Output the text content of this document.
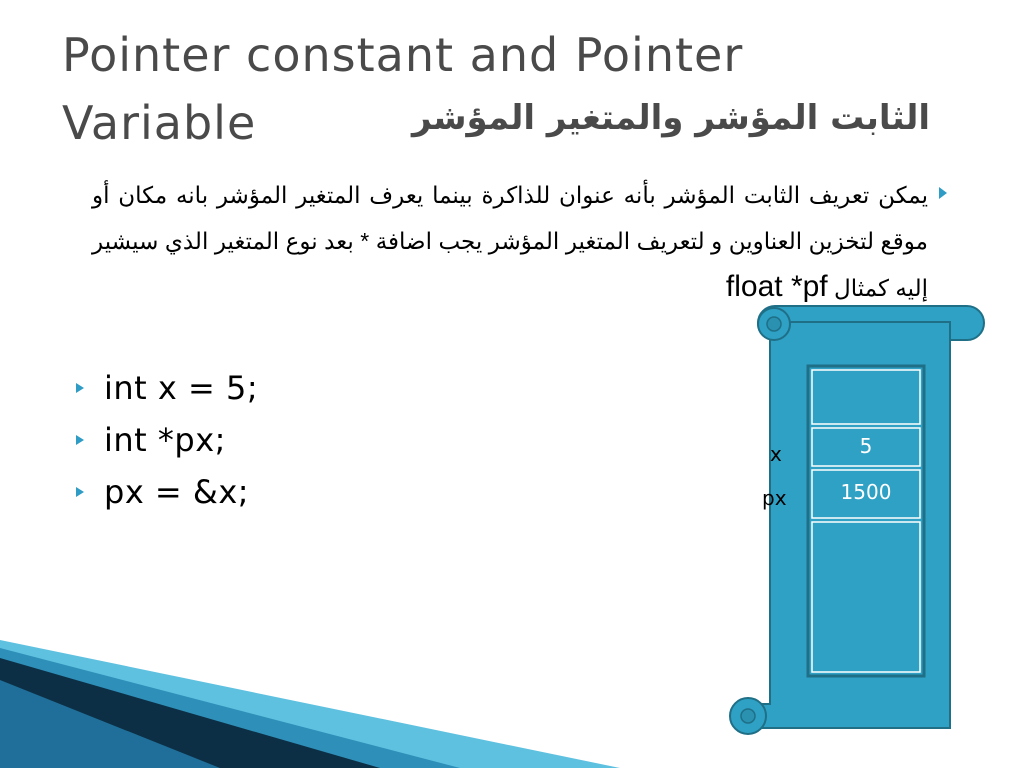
Pointer constant and Pointer
Variable	الثابت المؤشر والمتغير المؤشر
يمكن تعريف الثابت المؤشر بأنه عنوان للذاكرة بينما يعرف المتغير المؤشر بانه مكان أو موقع لتخزين العناوين و لتعريف المتغير المؤشر يجب اضافة * بعد نوع المتغير الذي سيشير إليه كمثال float *pf
int x = 5;
int *px;
px = &x;
x
px
5
1500
